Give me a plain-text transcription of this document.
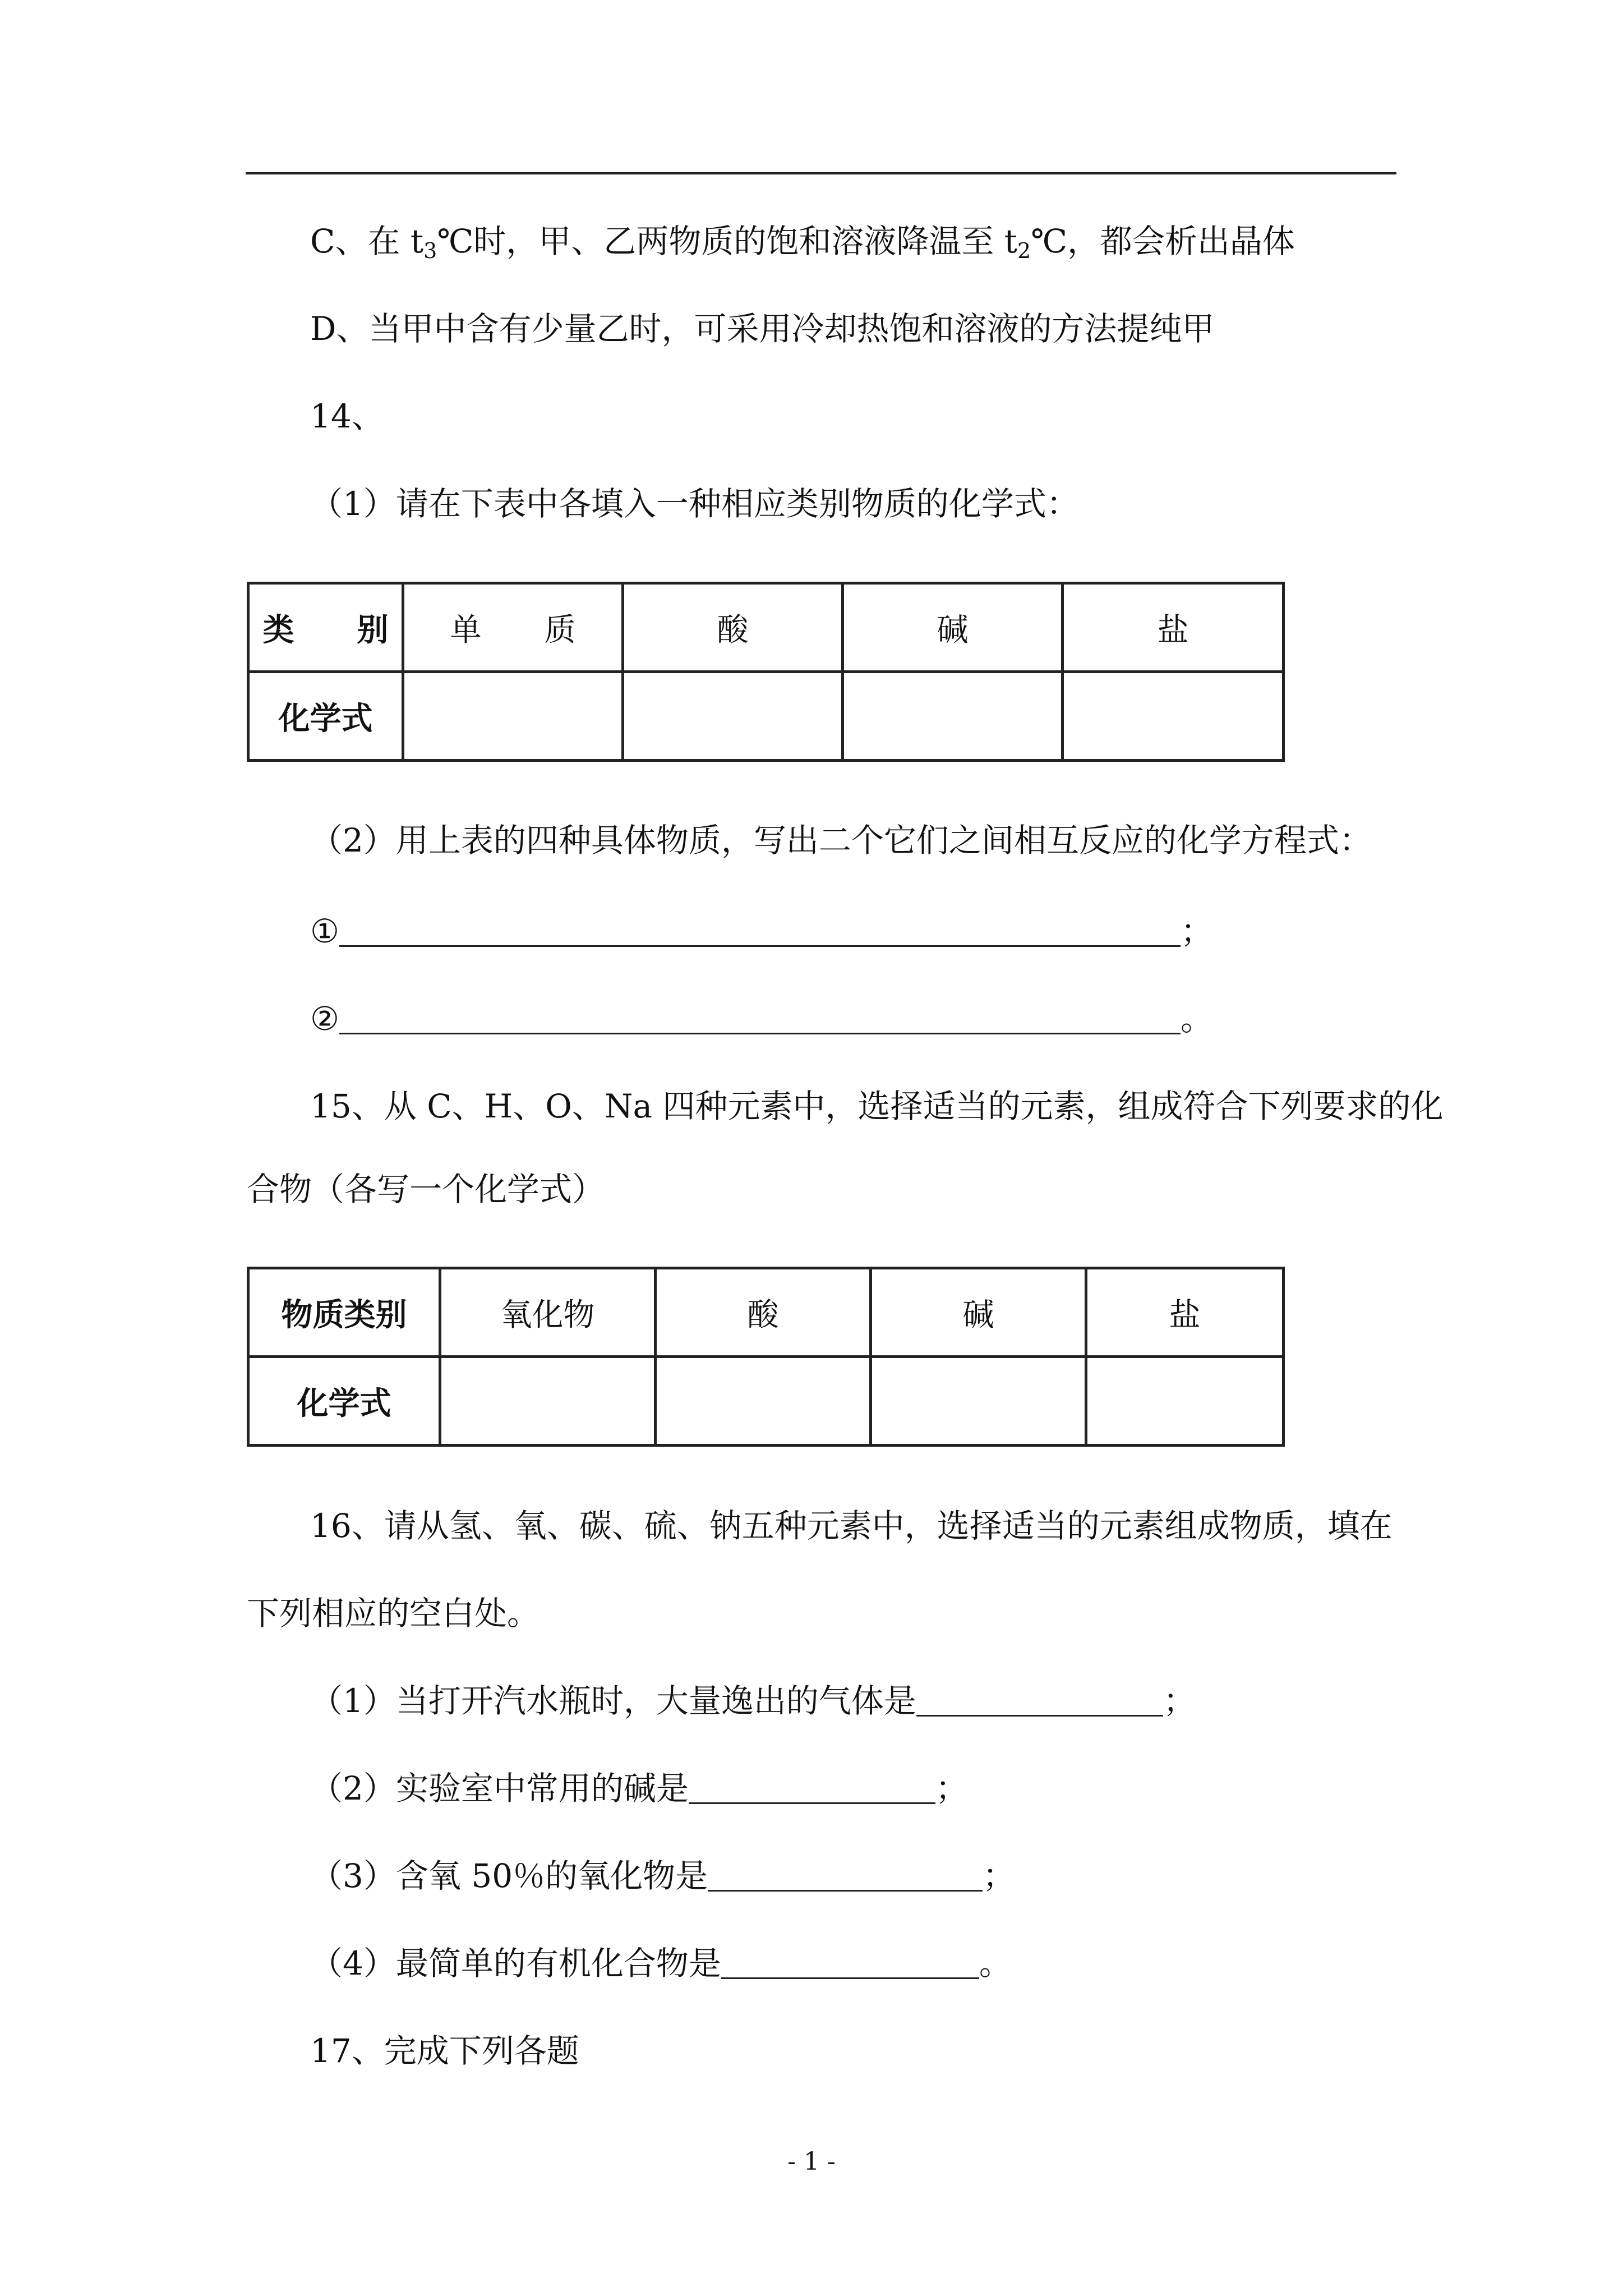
C、在 $t_3℃$时，甲、乙两物质的饱和溶液降温至 $t_2℃$，都会析出晶体
D、当甲中含有少量乙时，可采用冷却热饱和溶液的方法提纯甲
14、
（1）请在下表中各填入一种相应类别物质的化学式：
类　　别	单　　质	酸	碱	盐
化学式				
（2）用上表的四种具体物质，写出二个它们之间相互反应的化学方程式：
①	；
②	。
15、从 C、H、O、Na 四种元素中，选择适当的元素，组成符合下列要求的化
合物（各写一个化学式）
物质类别	氧化物	酸	碱	盐
化学式				
16、请从氢、氧、碳、硫、钠五种元素中，选择适当的元素组成物质，填在
下列相应的空白处。
（1）当打开汽水瓶时，大量逸出的气体是	；
（2）实验室中常用的碱是	；
（3）含氧 50％的氧化物是	；
（4）最简单的有机化合物是	。
17、完成下列各题
- 1 -
